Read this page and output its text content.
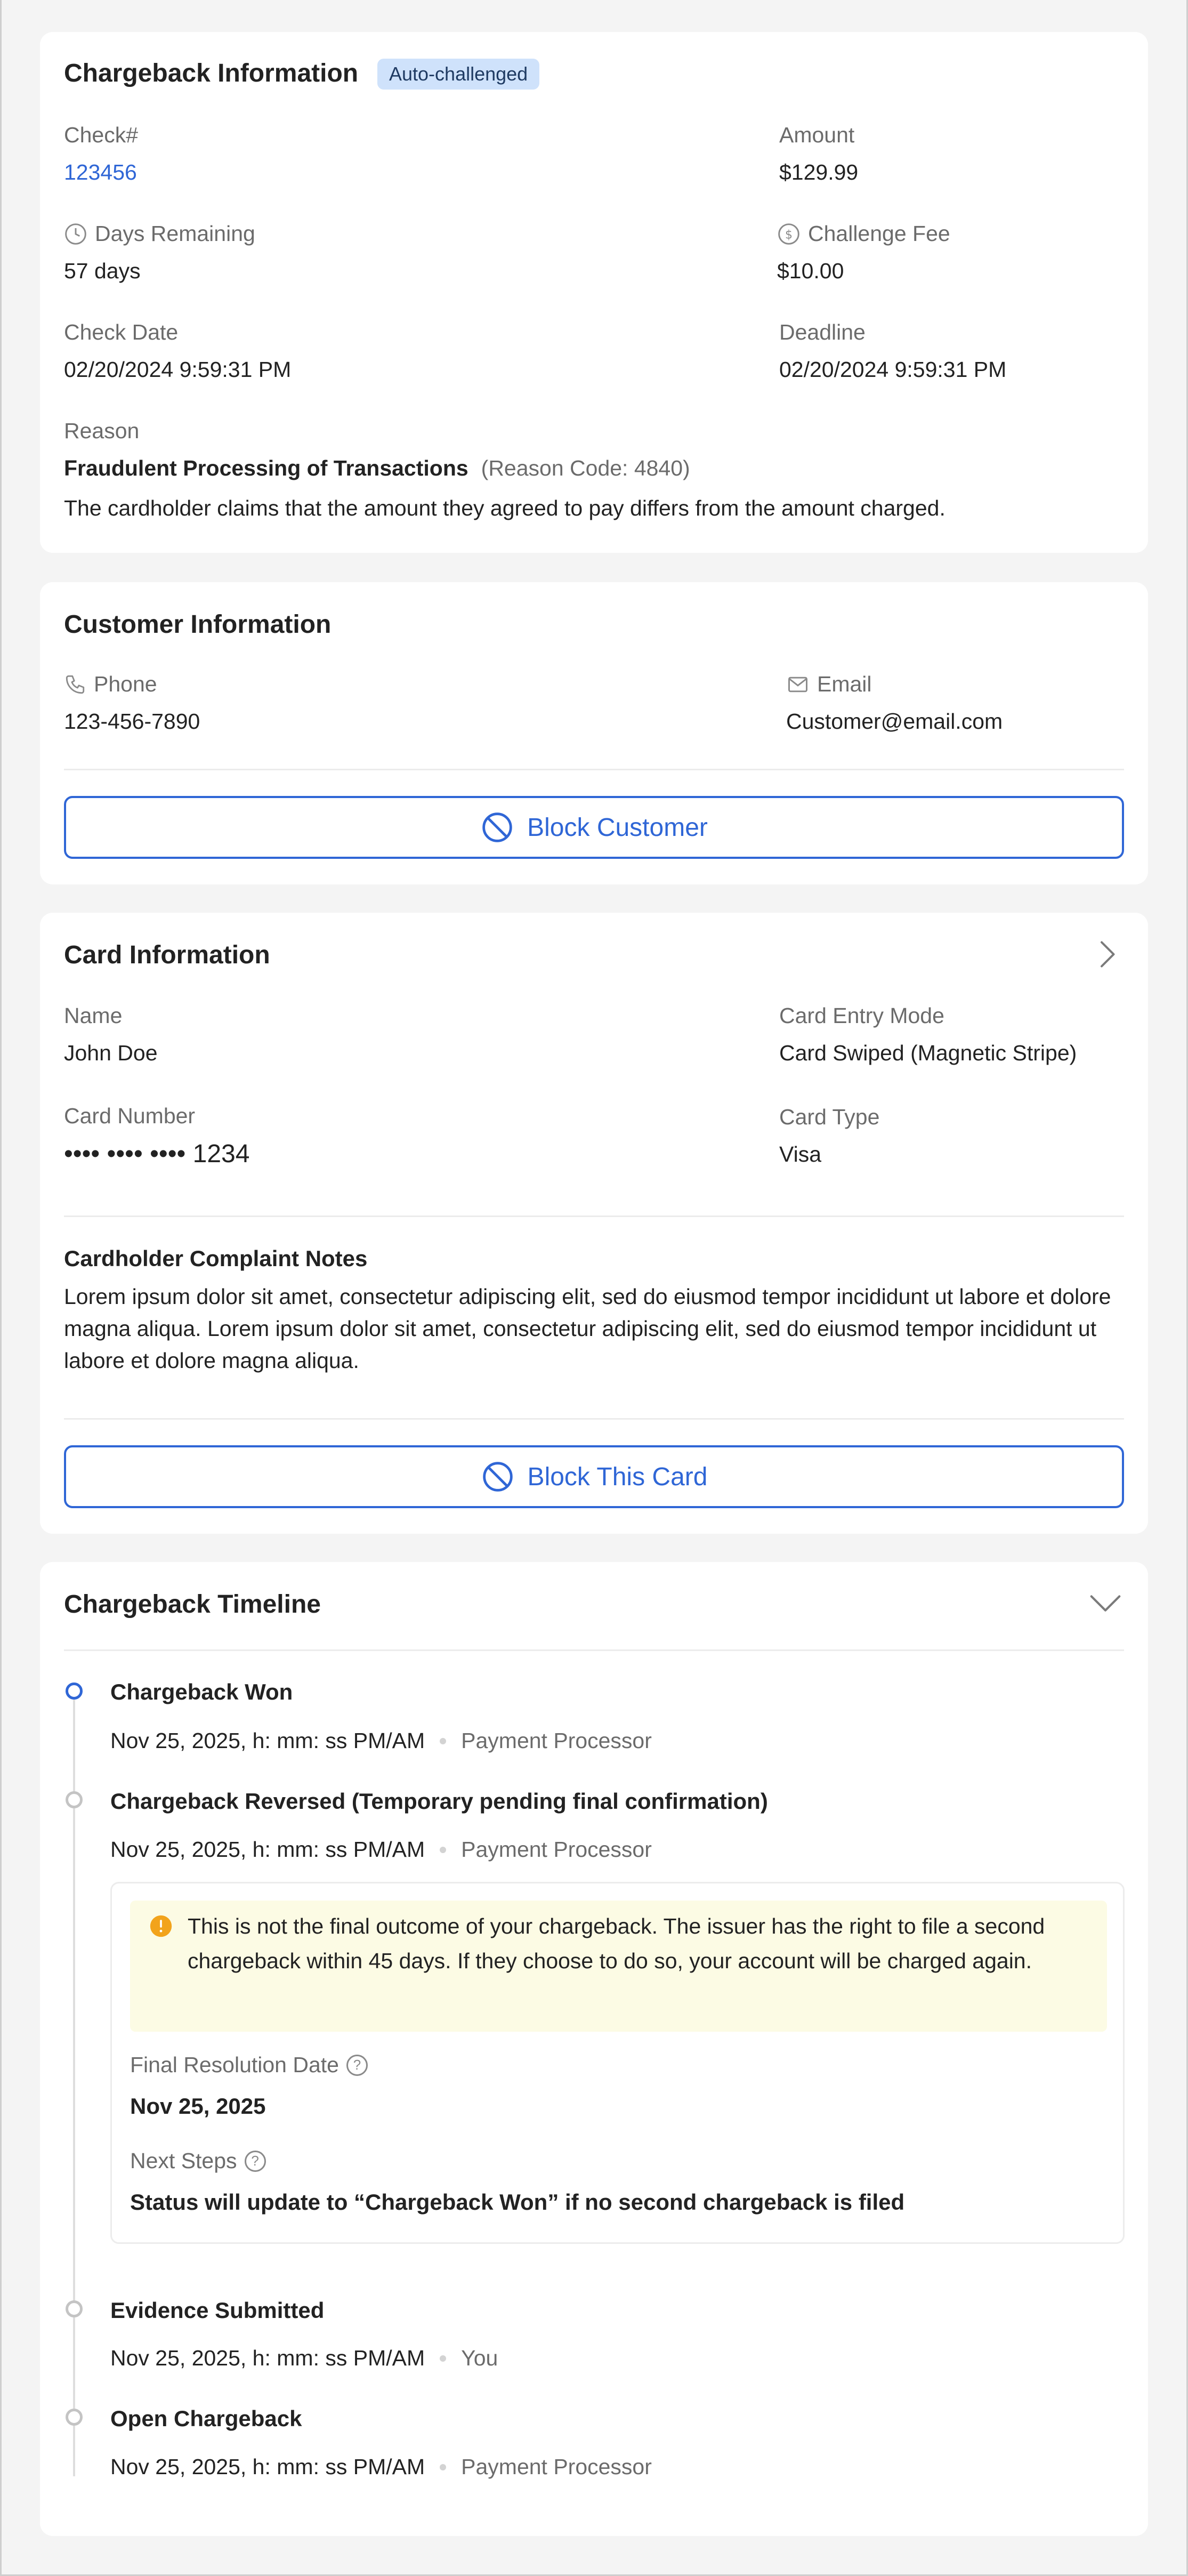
Chargeback Information	Auto-challenged
Check#
123456
Amount
$129.99
Days Remaining
57 days
$ Challenge Fee
$10.00
Check Date
02/20/2024 9:59:31 PM
Deadline
02/20/2024 9:59:31 PM
Reason
Fraudulent Processing of Transactions (Reason Code: 4840)
The cardholder claims that the amount they agreed to pay differs from the amount charged.
Customer Information
Phone
123-456-7890
Email
Customer@email.com
Block Customer
Card Information
Name
John Doe
Card Entry Mode
Card Swiped (Magnetic Stripe)
Card Number
•••• •••• •••• 1234
Card Type
Visa
Cardholder Complaint Notes
Lorem ipsum dolor sit amet, consectetur adipiscing elit, sed do eiusmod tempor incididunt ut labore et dolore magna aliqua. Lorem ipsum dolor sit amet, consectetur adipiscing elit, sed do eiusmod tempor incididunt ut labore et dolore magna aliqua.
Block This Card
Chargeback Timeline
Chargeback Won
Nov 25, 2025, h: mm: ss PM/AM Payment Processor
Chargeback Reversed (Temporary pending final confirmation)
Nov 25, 2025, h: mm: ss PM/AM Payment Processor
This is not the final outcome of your chargeback. The issuer has the right to file a second chargeback within 45 days. If they choose to do so, your account will be charged again.
Final Resolution Date	?
Nov 25, 2025
Next Steps	?
Status will update to “Chargeback Won” if no second chargeback is filed
Evidence Submitted
Nov 25, 2025, h: mm: ss PM/AM You
Open Chargeback
Nov 25, 2025, h: mm: ss PM/AM Payment Processor
